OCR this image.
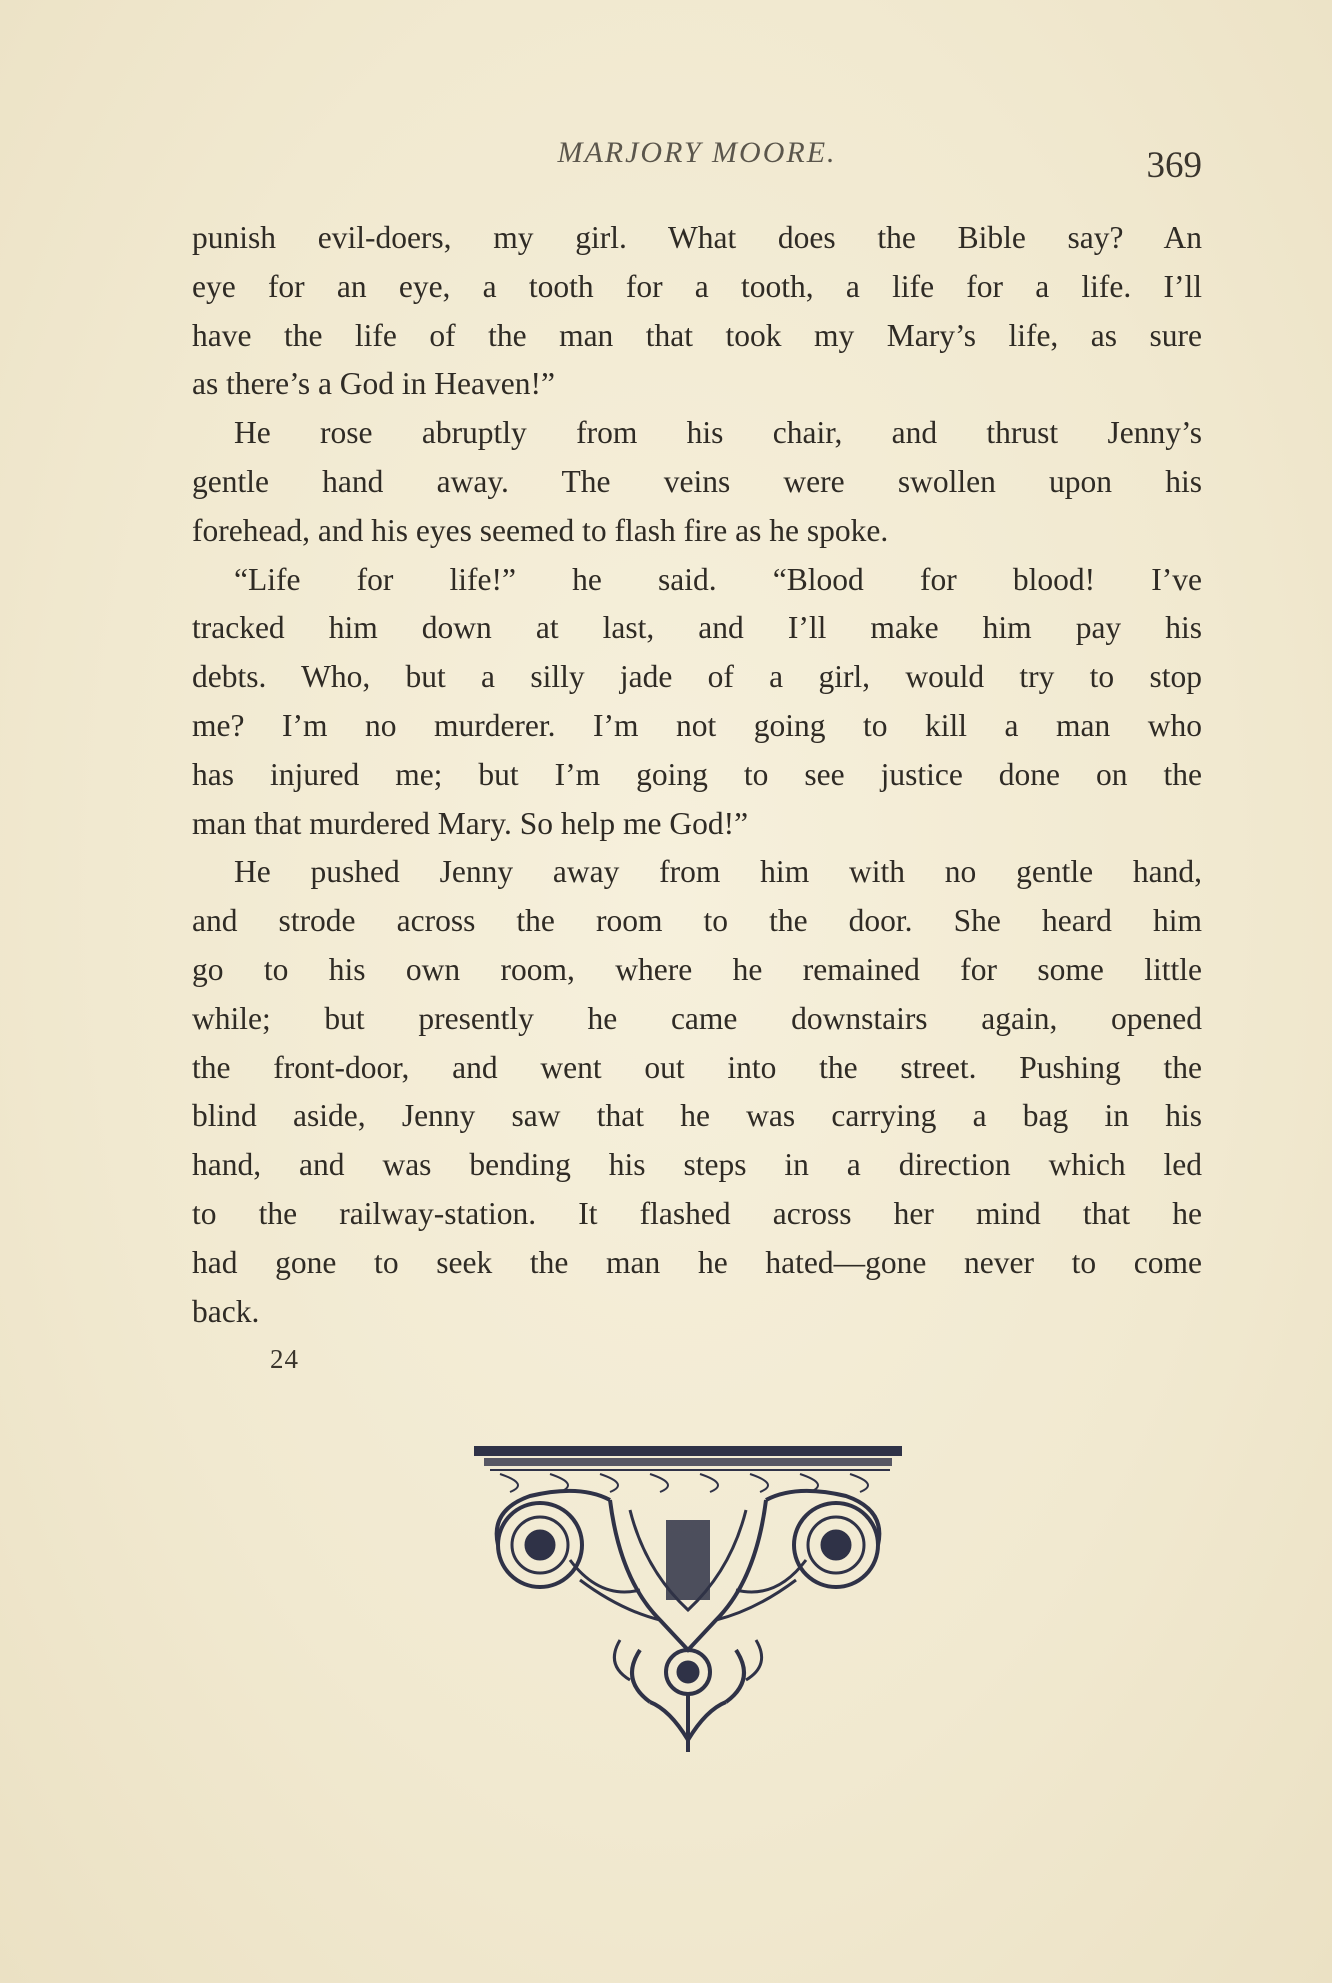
MARJORY MOORE.	369
punish evil-doers, my girl. What does the Bible say? An
eye for an eye, a tooth for a tooth, a life for a life. I’ll
have the life of the man that took my Mary’s life, as sure
as there’s a God in Heaven!”
He rose abruptly from his chair, and thrust Jenny’s
gentle hand away. The veins were swollen upon his
forehead, and his eyes seemed to flash fire as he spoke.
“Life for life!” he said. “Blood for blood! I’ve
tracked him down at last, and I’ll make him pay his
debts. Who, but a silly jade of a girl, would try to stop
me? I’m no murderer. I’m not going to kill a man who
has injured me; but I’m going to see justice done on the
man that murdered Mary. So help me God!”
He pushed Jenny away from him with no gentle hand,
and strode across the room to the door. She heard him
go to his own room, where he remained for some little
while; but presently he came downstairs again, opened
the front-door, and went out into the street. Pushing the
blind aside, Jenny saw that he was carrying a bag in his
hand, and was bending his steps in a direction which led
to the railway-station. It flashed across her mind that he
had gone to seek the man he hated—gone never to come
back.
24
